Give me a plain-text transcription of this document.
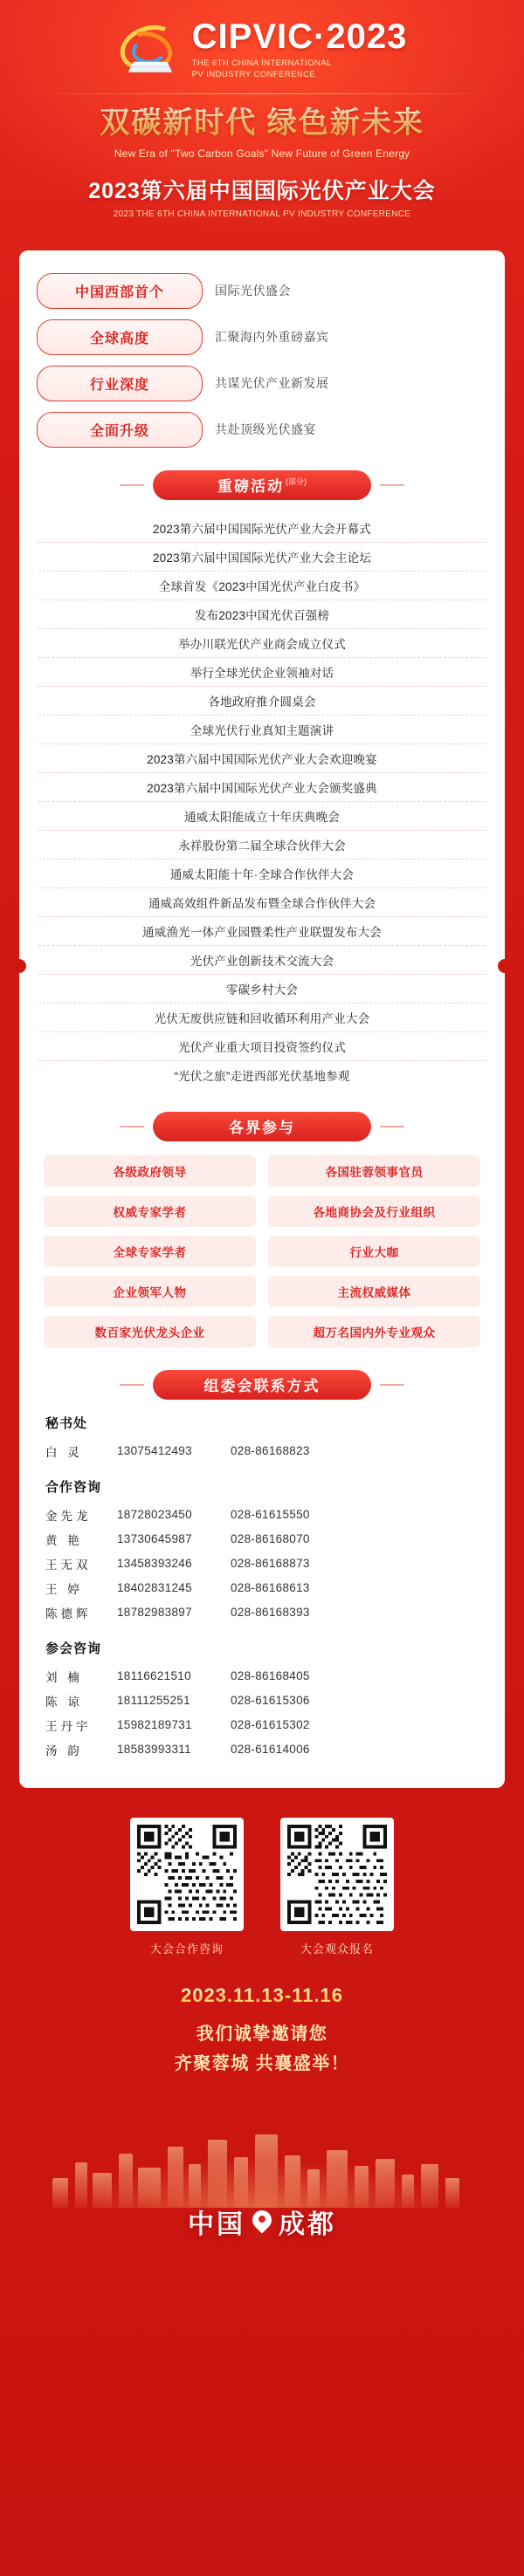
CIPVIC·2023
THE 6TH CHINA INTERNATIONAL
PV INDUSTRY CONFERENCE
双碳新时代 绿色新未来
New Era of "Two Carbon Goals" New Future of Green Energy
2023第六届中国国际光伏产业大会
2023 THE 6TH CHINA INTERNATIONAL PV INDUSTRY CONFERENCE
中国西部首个	国际光伏盛会
全球高度	汇聚海内外重磅嘉宾
行业深度	共谋光伏产业新发展
全面升级	共赴顶级光伏盛宴
重磅活动 (部分)
2023第六届中国国际光伏产业大会开幕式
2023第六届中国国际光伏产业大会主论坛
全球首发《2023中国光伏产业白皮书》
发布2023中国光伏百强榜
举办川联光伏产业商会成立仪式
举行全球光伏企业领袖对话
各地政府推介圆桌会
全球光伏行业真知主题演讲
2023第六届中国国际光伏产业大会欢迎晚宴
2023第六届中国国际光伏产业大会颁奖盛典
通威太阳能成立十年庆典晚会
永祥股份第二届全球合伙伴大会
通威太阳能十年·全球合作伙伴大会
通威高效组件新品发布暨全球合作伙伴大会
通威渔光一体产业园暨柔性产业联盟发布大会
光伏产业创新技术交流大会
零碳乡村大会
光伏无废供应链和回收循环利用产业大会
光伏产业重大项目投资签约仪式
“光伏之旅”走进西部光伏基地参观
各界参与
各级政府领导	各国驻蓉领事官员
权威专家学者	各地商协会及行业组织
全球专家学者	行业大咖
企业领军人物	主流权威媒体
数百家光伏龙头企业	超万名国内外专业观众
组委会联系方式
秘书处
白 灵	13075412493	028-86168823
合作咨询
金先龙	18728023450	028-61615550
黄 艳	13730645987	028-86168070
王无双	13458393246	028-86168873
王 婷	18402831245	028-86168613
陈德辉	18782983897	028-86168393
参会咨询
刘 楠	18116621510	028-86168405
陈 谅	18111255251	028-61615306
王丹宇	15982189731	028-61615302
汤 韵	18583993311	028-61614006
大会合作咨询	大会观众报名
2023.11.13-11.16
我们诚挚邀请您
齐聚蓉城 共襄盛举！
中国 成都
